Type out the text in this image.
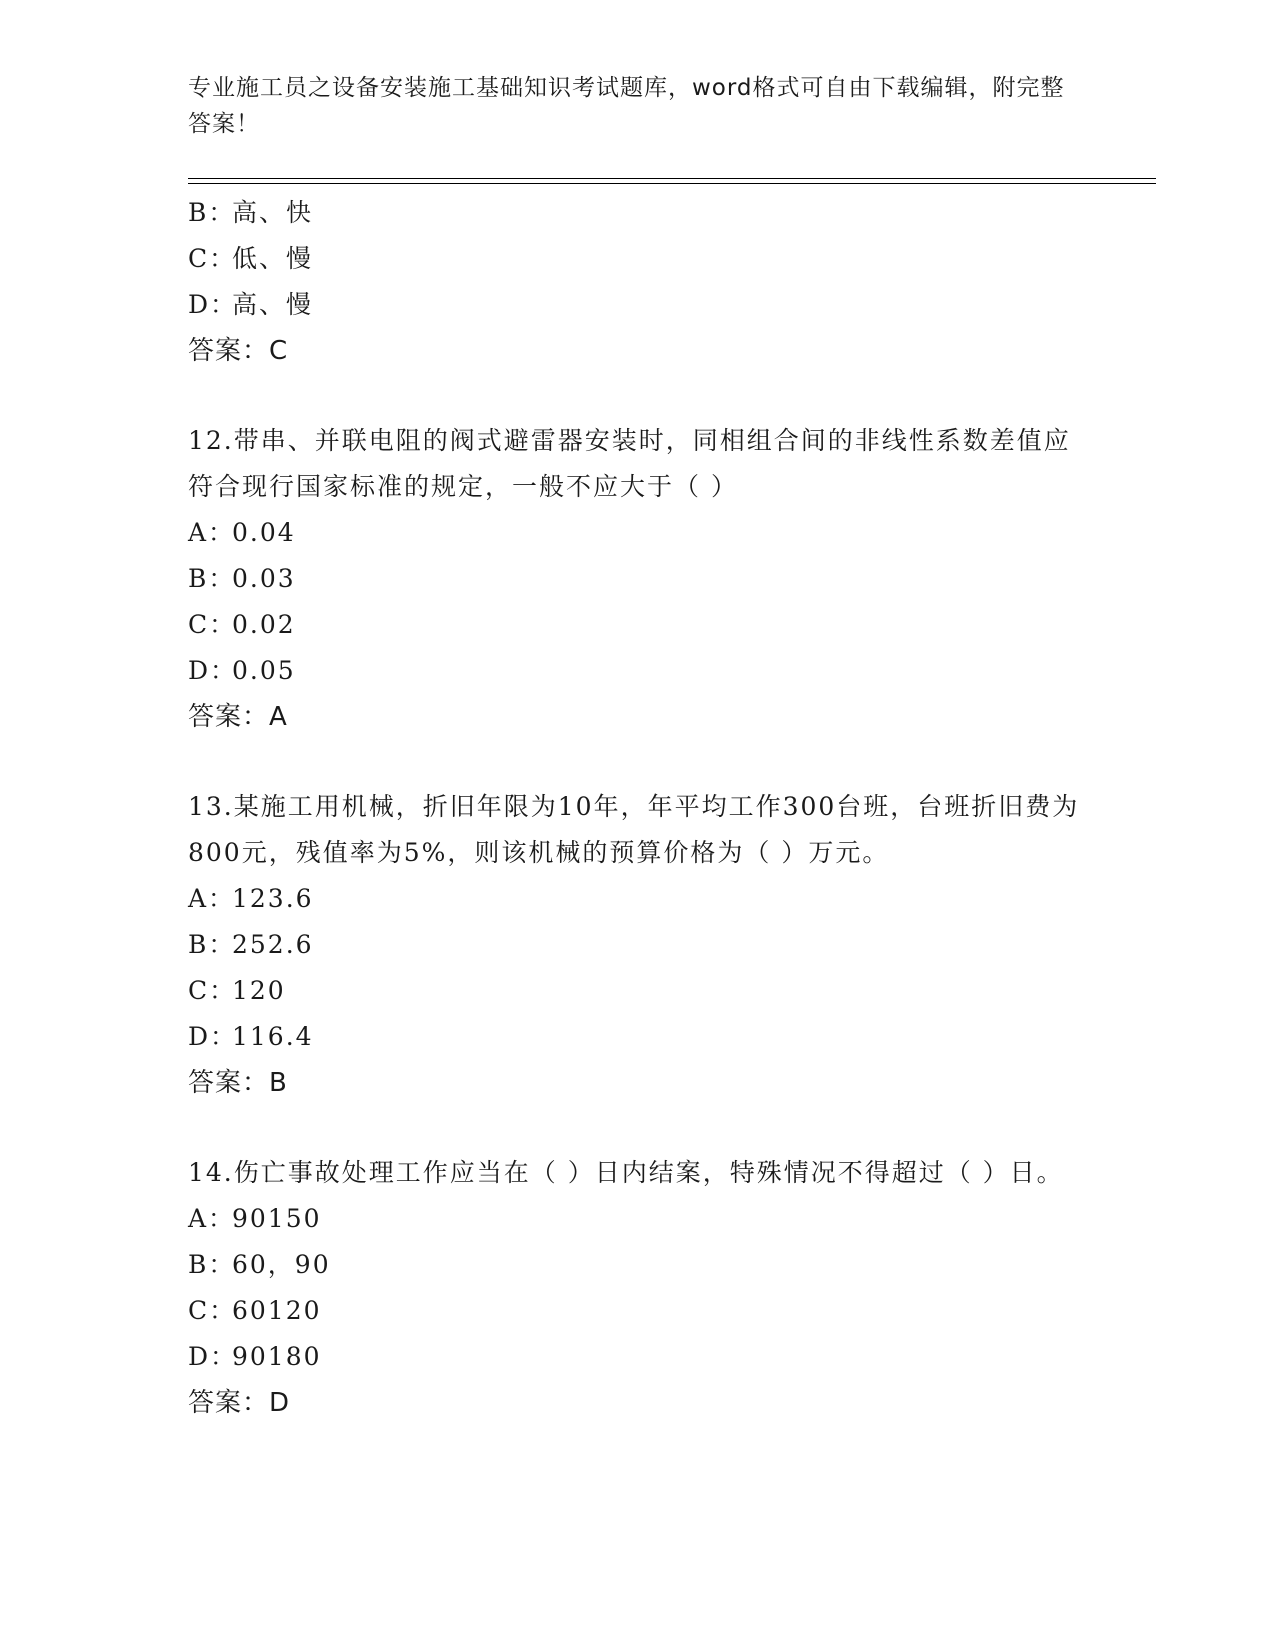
专业施工员之设备安装施工基础知识考试题库，word格式可自由下载编辑，附完整答案！
B：高、快
C：低、慢
D：高、慢
答案：C
12.带串、并联电阻的阀式避雷器安装时，同相组合间的非线性系数差值应符合现行国家标准的规定，一般不应大于（ ）
A：0.04
B：0.03
C：0.02
D：0.05
答案：A
13.某施工用机械，折旧年限为10年，年平均工作300台班，台班折旧费为800元，残值率为5%，则该机械的预算价格为（ ）万元。
A：123.6
B：252.6
C：120
D：116.4
答案：B
14.伤亡事故处理工作应当在（ ）日内结案，特殊情况不得超过（ ）日。
A：90150
B：60，90
C：60120
D：90180
答案：D
